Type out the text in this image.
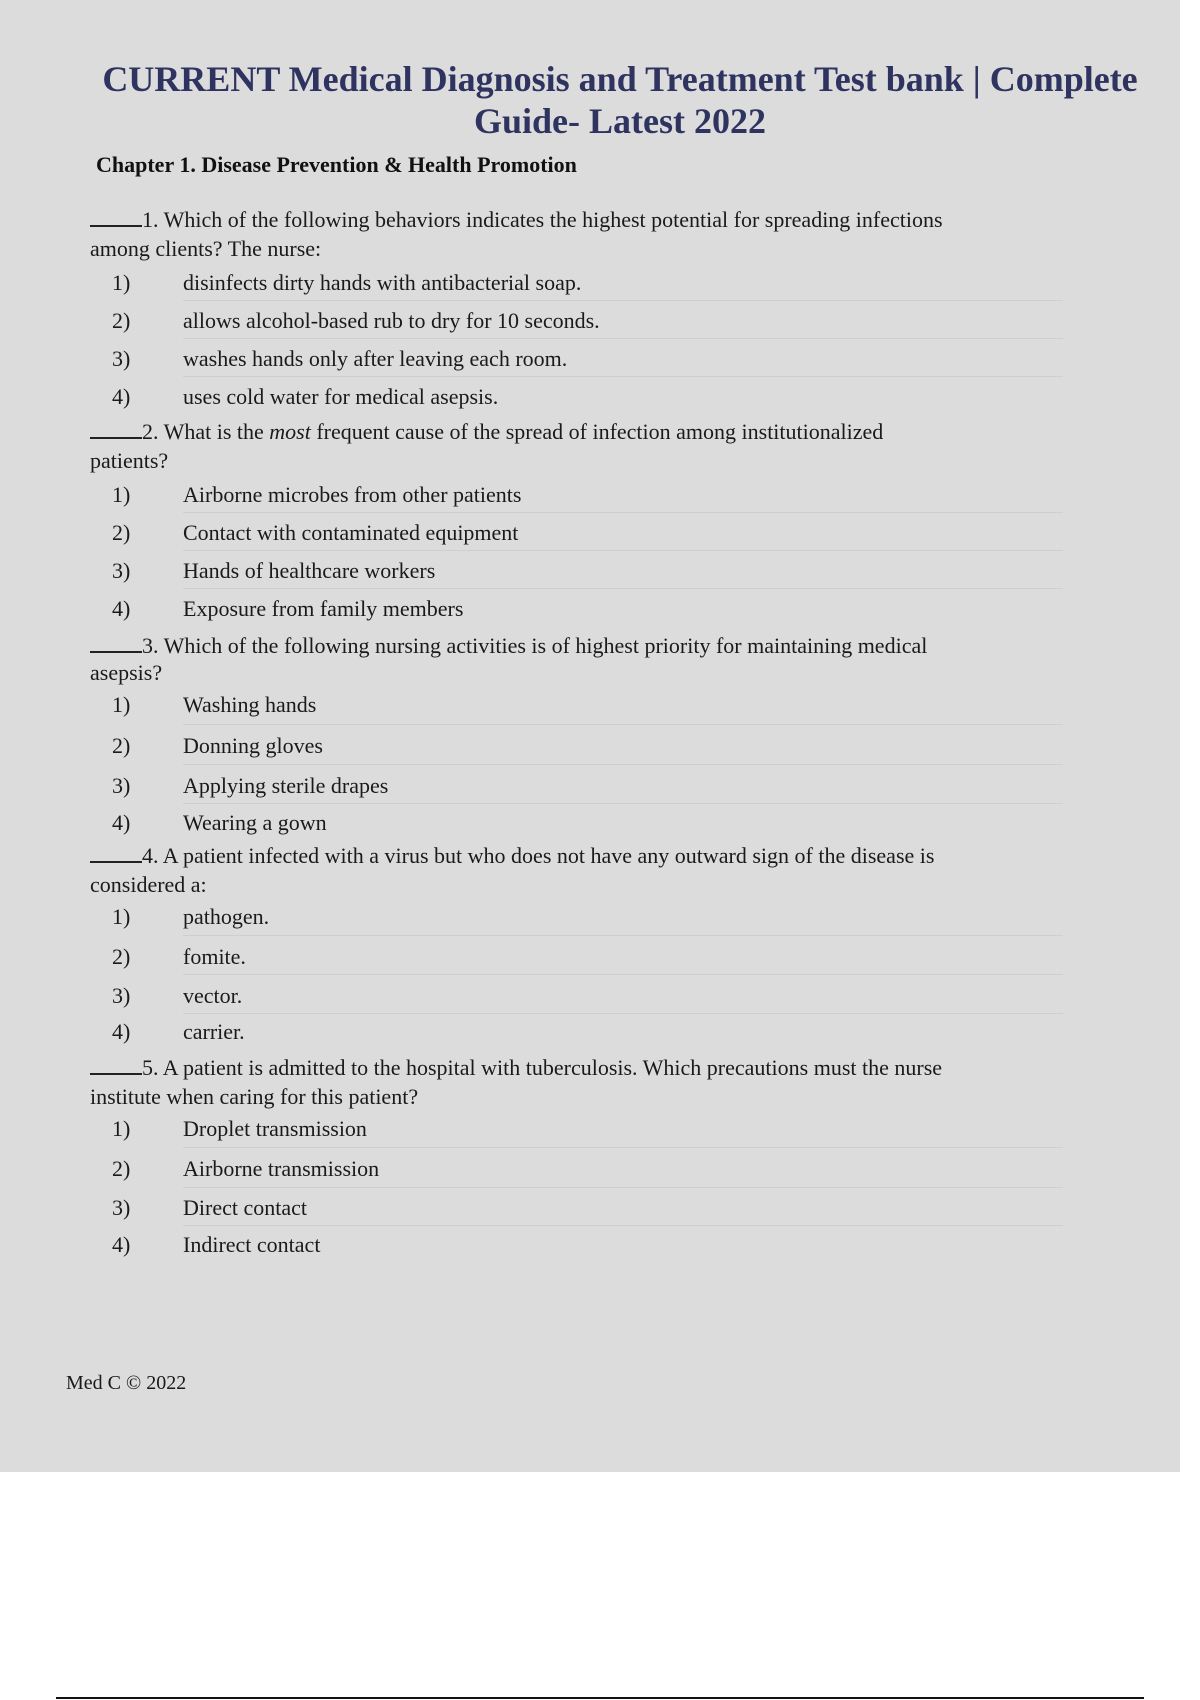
CURRENT Medical Diagnosis and Treatment Test bank | Complete
Guide- Latest 2022
Chapter 1. Disease Prevention & Health Promotion
1. Which of the following behaviors indicates the highest potential for spreading infections
among clients? The nurse:
1) disinfects dirty hands with antibacterial soap.
2) allows alcohol-based rub to dry for 10 seconds.
3) washes hands only after leaving each room.
4) uses cold water for medical asepsis.
2. What is the most frequent cause of the spread of infection among institutionalized
patients?
1) Airborne microbes from other patients
2) Contact with contaminated equipment
3) Hands of healthcare workers
4) Exposure from family members
3. Which of the following nursing activities is of highest priority for maintaining medical
asepsis?
1) Washing hands
2) Donning gloves
3) Applying sterile drapes
4) Wearing a gown
4. A patient infected with a virus but who does not have any outward sign of the disease is
considered a:
1) pathogen.
2) fomite.
3) vector.
4) carrier.
5. A patient is admitted to the hospital with tuberculosis. Which precautions must the nurse
institute when caring for this patient?
1) Droplet transmission
2) Airborne transmission
3) Direct contact
4) Indirect contact
Med C © 2022
